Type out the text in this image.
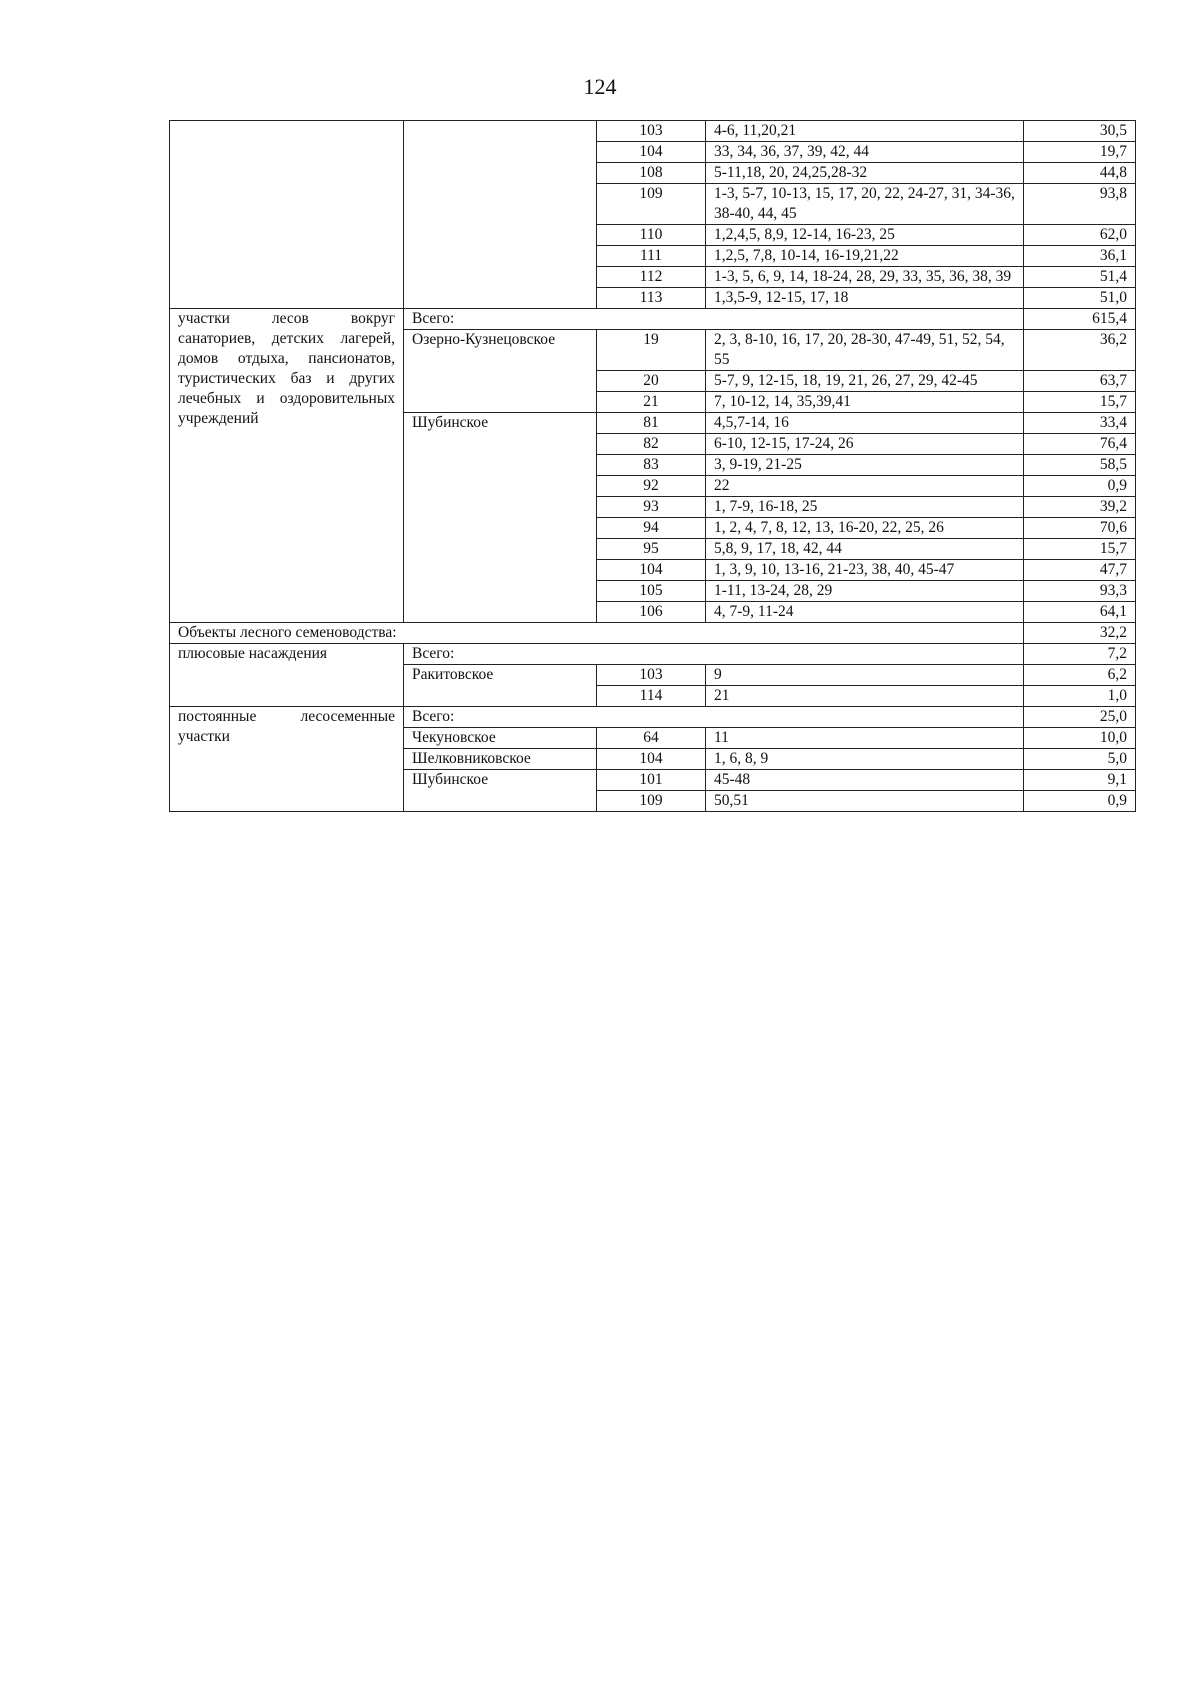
124
		103	4-6, 11,20,21	30,5
		104	33, 34, 36, 37, 39, 42, 44	19,7
		108	5-11,18, 20, 24,25,28-32	44,8
		109	1-3, 5-7, 10-13, 15, 17, 20, 22, 24-27, 31, 34-36, 38-40, 44, 45	93,8
		110	1,2,4,5, 8,9, 12-14, 16-23, 25	62,0
		111	1,2,5, 7,8, 10-14, 16-19,21,22	36,1
		112	1-3, 5, 6, 9, 14, 18-24, 28, 29, 33, 35, 36, 38, 39	51,4
		113	1,3,5-9, 12-15, 17, 18	51,0
участки лесов вокруг санаториев, детских лагерей, домов отдыха, пансионатов, туристических баз и других лечебных и оздоровительных учреждений	Всего:			615,4
	Озерно-Кузнецовское	19	2, 3, 8-10, 16, 17, 20, 28-30, 47-49, 51, 52, 54, 55	36,2

		20	5-7, 9, 12-15, 18, 19, 21, 26, 27, 29, 42-45	63,7
		21	7, 10-12, 14, 35,39,41	15,7
	Шубинское	81	4,5,7-14, 16	33,4
		82	6-10, 12-15, 17-24, 26	76,4
		83	3, 9-19, 21-25	58,5
		92	22	0,9
		93	1, 7-9, 16-18, 25	39,2
		94	1, 2, 4, 7, 8, 12, 13, 16-20, 22, 25, 26	70,6
		95	5,8, 9, 17, 18, 42, 44	15,7
		104	1, 3, 9, 10, 13-16, 21-23, 38, 40, 45-47	47,7
		105	1-11, 13-24, 28, 29	93,3
		106	4, 7-9, 11-24	64,1
Объекты лесного семеноводства:				32,2
плюсовые насаждения	Всего:			7,2
	Ракитовское	103	9	6,2
		114	21	1,0
постоянные лесосеменные участки	Всего:			25,0
	Чекуновское	64	11	10,0
	Шелковниковское	104	1, 6, 8, 9	5,0
	Шубинское	101	45-48	9,1
		109	50,51	0,9
